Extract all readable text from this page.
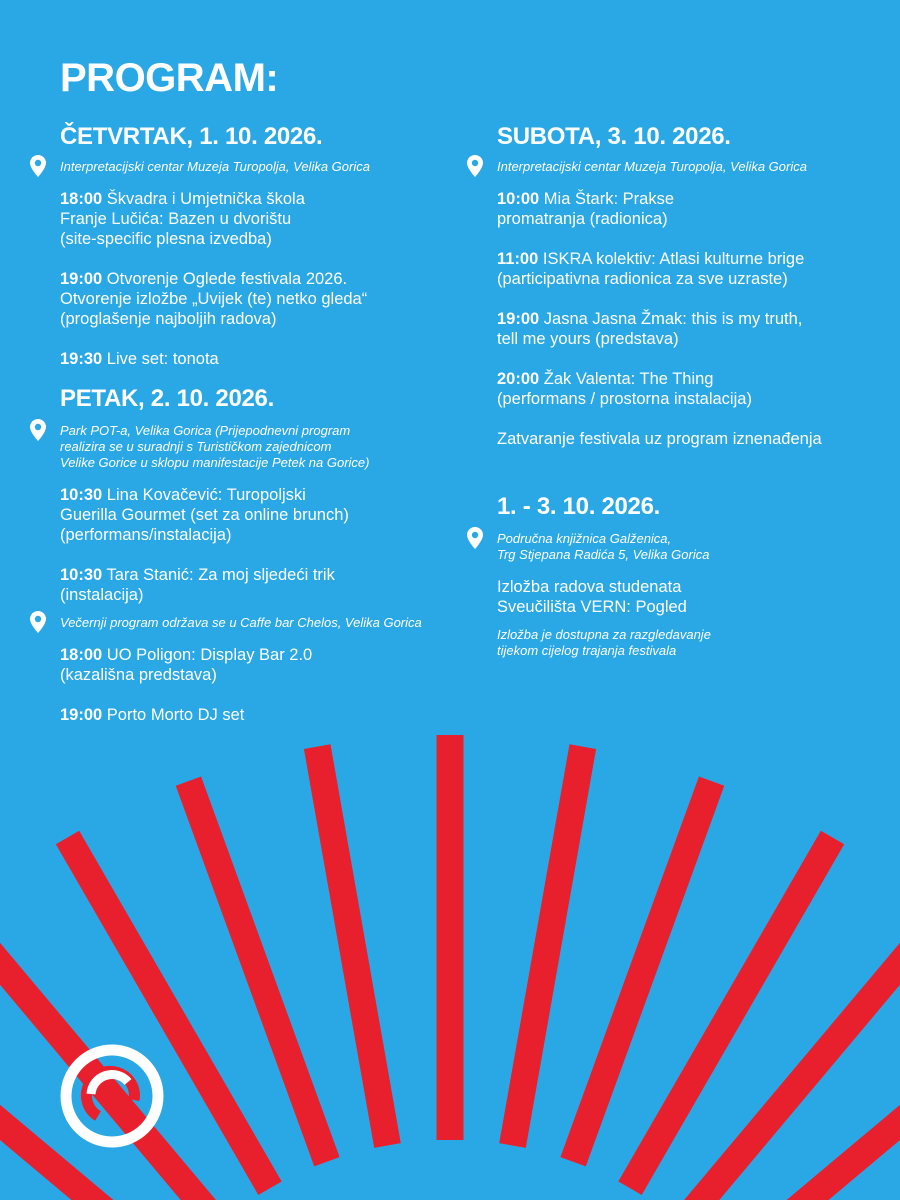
PROGRAM:
ČETVRTAK, 1. 10. 2026.
Interpretacijski centar Muzeja Turopolja, Velika Gorica
18:00 Škvadra i Umjetnička škola
Franje Lučića: Bazen u dvorištu
(site-specific plesna izvedba)
19:00 Otvorenje Oglede festivala 2026.
Otvorenje izložbe „Uvijek (te) netko gleda“
(proglašenje najboljih radova)
19:30 Live set: tonota
PETAK, 2. 10. 2026.
Park POT-a, Velika Gorica (Prijepodnevni program
realizira se u suradnji s Turističkom zajednicom
Velike Gorice u sklopu manifestacije Petek na Gorice)
10:30 Lina Kovačević: Turopoljski
Guerilla Gourmet (set za online brunch)
(performans/instalacija)
10:30 Tara Stanić: Za moj sljedeći trik
(instalacija)
Večernji program održava se u Caffe bar Chelos, Velika Gorica
18:00 UO Poligon: Display Bar 2.0
(kazališna predstava)
19:00 Porto Morto DJ set
SUBOTA, 3. 10. 2026.
Interpretacijski centar Muzeja Turopolja, Velika Gorica
10:00 Mia Štark: Prakse
promatranja (radionica)
11:00 ISKRA kolektiv: Atlasi kulturne brige
(participativna radionica za sve uzraste)
19:00 Jasna Jasna Žmak: this is my truth,
tell me yours (predstava)
20:00 Žak Valenta: The Thing
(performans / prostorna instalacija)
Zatvaranje festivala uz program iznenađenja
1. - 3. 10. 2026.
Područna knjižnica Galženica,
Trg Stjepana Radića 5, Velika Gorica
Izložba radova studenata
Sveučilišta VERN: Pogled
Izložba je dostupna za razgledavanje
tijekom cijelog trajanja festivala
